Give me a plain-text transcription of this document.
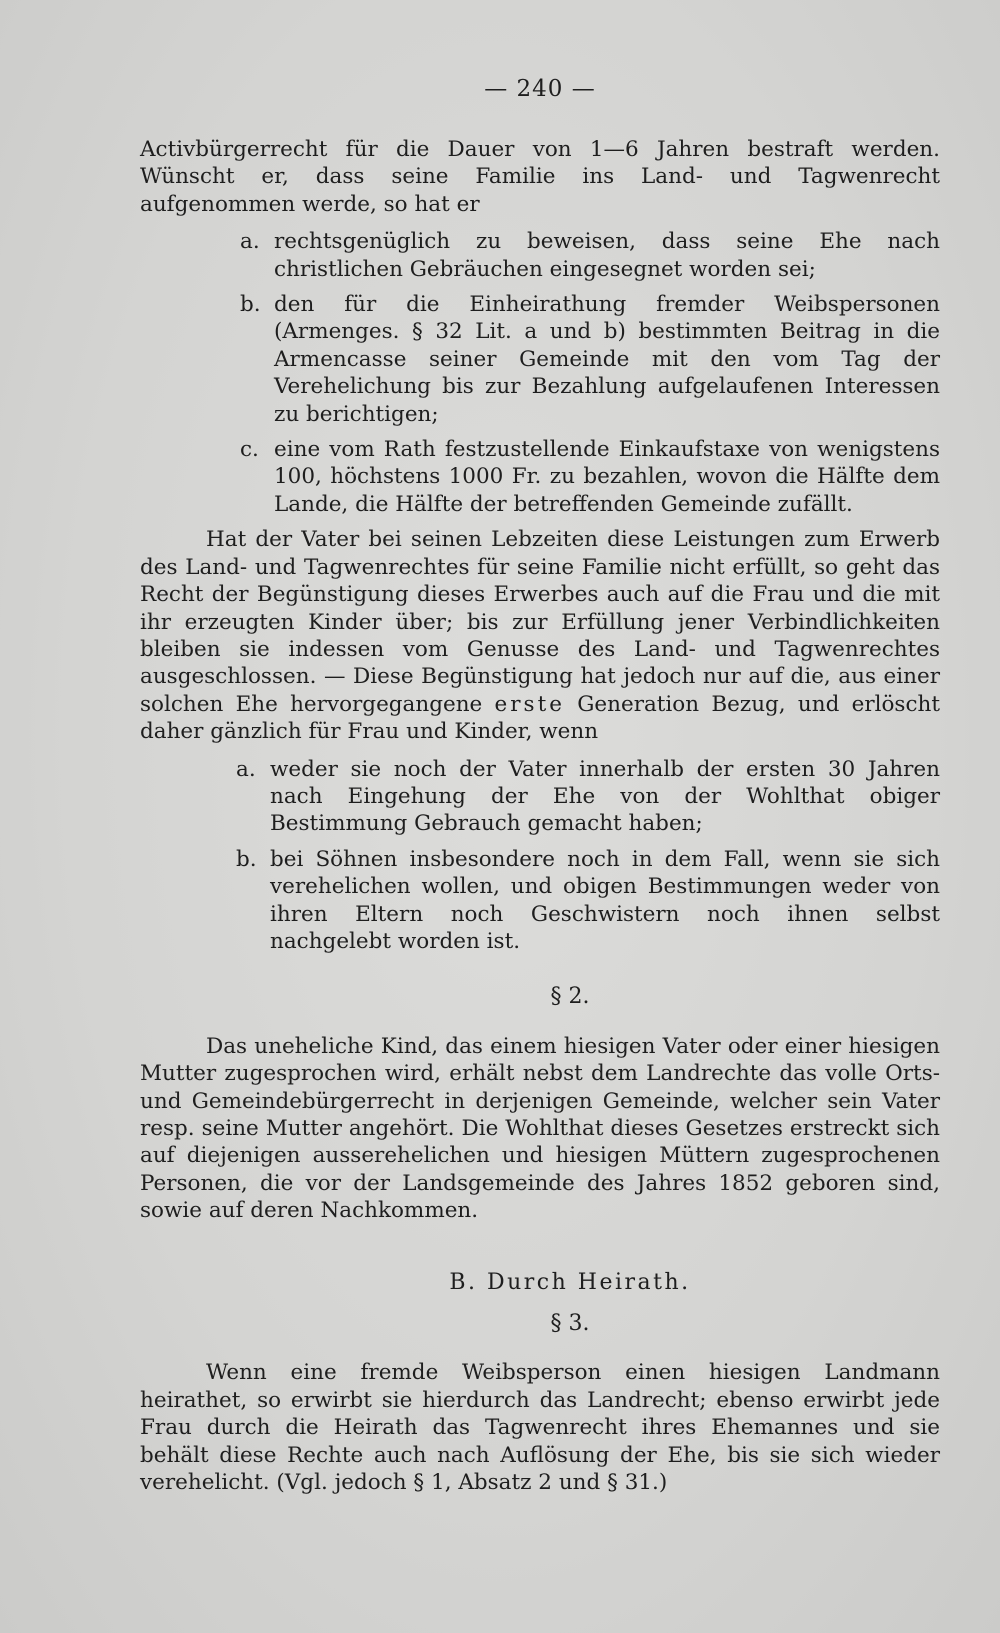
— 240 —

Activbürgerrecht für die Dauer von 1—6 Jahren bestraft werden. Wünscht er, dass seine Familie ins Land- und Tagwenrecht aufgenommen werde, so hat er

a. rechtsgenüglich zu beweisen, dass seine Ehe nach christlichen Gebräuchen eingesegnet worden sei;
b. den für die Einheirathung fremder Weibspersonen (Armenges. § 32 Lit. a und b) bestimmten Beitrag in die Armencasse seiner Gemeinde mit den vom Tag der Verehelichung bis zur Bezahlung aufgelaufenen Interessen zu berichtigen;
c. eine vom Rath festzustellende Einkaufstaxe von wenigstens 100, höchstens 1000 Fr. zu bezahlen, wovon die Hälfte dem Lande, die Hälfte der betreffenden Gemeinde zufällt.

Hat der Vater bei seinen Lebzeiten diese Leistungen zum Erwerb des Land- und Tagwenrechtes für seine Familie nicht erfüllt, so geht das Recht der Begünstigung dieses Erwerbes auch auf die Frau und die mit ihr erzeugten Kinder über; bis zur Erfüllung jener Verbindlichkeiten bleiben sie indessen vom Genusse des Land- und Tagwenrechtes ausgeschlossen. — Diese Begünstigung hat jedoch nur auf die, aus einer solchen Ehe hervorgegangene erste Generation Bezug, und erlöscht daher gänzlich für Frau und Kinder, wenn

a. weder sie noch der Vater innerhalb der ersten 30 Jahren nach Eingehung der Ehe von der Wohlthat obiger Bestimmung Gebrauch gemacht haben;
b. bei Söhnen insbesondere noch in dem Fall, wenn sie sich verehelichen wollen, und obigen Bestimmungen weder von ihren Eltern noch Geschwistern noch ihnen selbst nachgelebt worden ist.
§ 2.

Das uneheliche Kind, das einem hiesigen Vater oder einer hiesigen Mutter zugesprochen wird, erhält nebst dem Landrechte das volle Orts- und Gemeindebürgerrecht in derjenigen Gemeinde, welcher sein Vater resp. seine Mutter angehört. Die Wohlthat dieses Gesetzes erstreckt sich auf diejenigen ausserehelichen und hiesigen Müttern zugesprochenen Personen, die vor der Landsgemeinde des Jahres 1852 geboren sind, sowie auf deren Nachkommen.

B. Durch Heirath.
§ 3.

Wenn eine fremde Weibsperson einen hiesigen Landmann heirathet, so erwirbt sie hierdurch das Landrecht; ebenso erwirbt jede Frau durch die Heirath das Tagwenrecht ihres Ehemannes und sie behält diese Rechte auch nach Auflösung der Ehe, bis sie sich wieder verehelicht. (Vgl. jedoch § 1, Absatz 2 und § 31.)
